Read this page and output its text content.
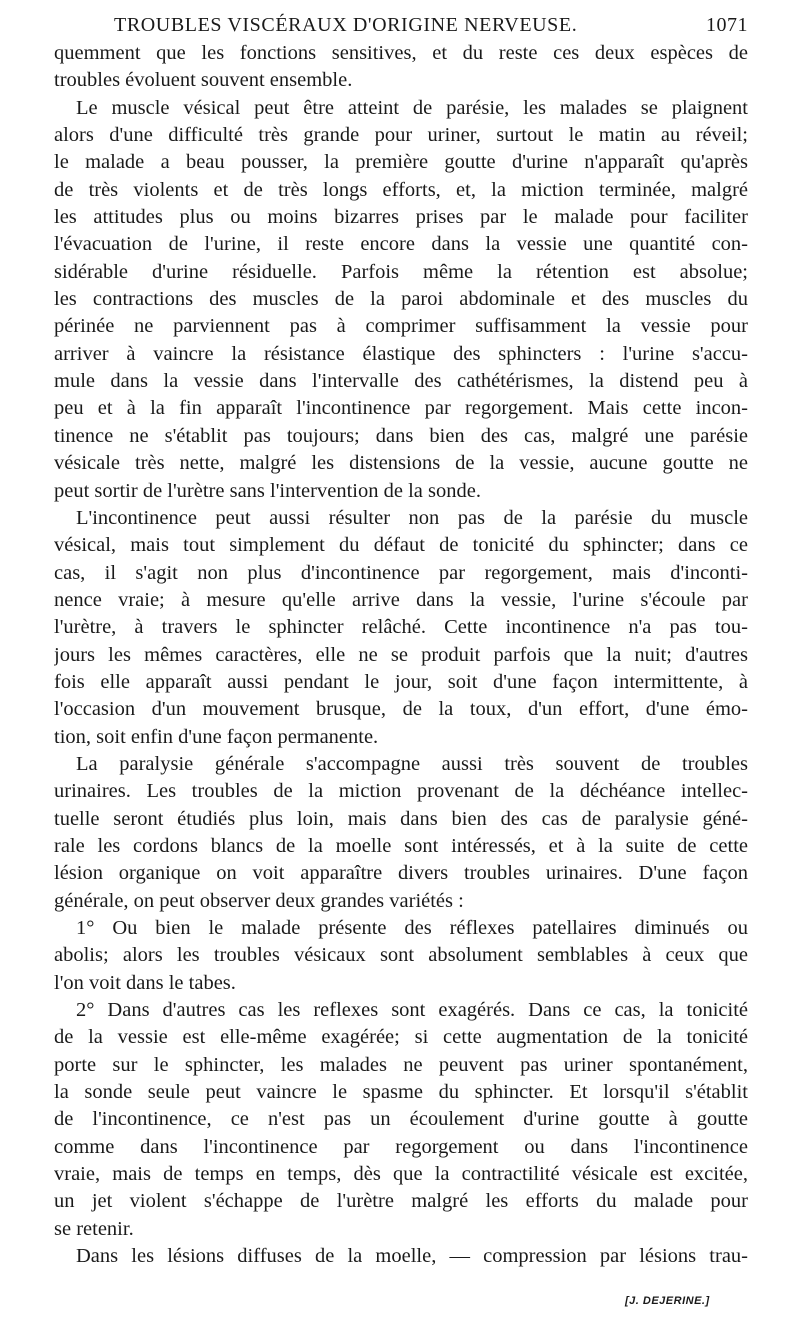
TROUBLES VISCÉRAUX D'ORIGINE NERVEUSE.	1071
quemment que les fonctions sensitives, et du reste ces deux espèces de
troubles évoluent souvent ensemble.
Le muscle vésical peut être atteint de parésie, les malades se plaignent
alors d'une difficulté très grande pour uriner, surtout le matin au réveil;
le malade a beau pousser, la première goutte d'urine n'apparaît qu'après
de très violents et de très longs efforts, et, la miction terminée, malgré
les attitudes plus ou moins bizarres prises par le malade pour faciliter
l'évacuation de l'urine, il reste encore dans la vessie une quantité con-
sidérable d'urine résiduelle. Parfois même la rétention est absolue;
les contractions des muscles de la paroi abdominale et des muscles du
périnée ne parviennent pas à comprimer suffisamment la vessie pour
arriver à vaincre la résistance élastique des sphincters : l'urine s'accu-
mule dans la vessie dans l'intervalle des cathétérismes, la distend peu à
peu et à la fin apparaît l'incontinence par regorgement. Mais cette incon-
tinence ne s'établit pas toujours; dans bien des cas, malgré une parésie
vésicale très nette, malgré les distensions de la vessie, aucune goutte ne
peut sortir de l'urètre sans l'intervention de la sonde.
L'incontinence peut aussi résulter non pas de la parésie du muscle
vésical, mais tout simplement du défaut de tonicité du sphincter; dans ce
cas, il s'agit non plus d'incontinence par regorgement, mais d'inconti-
nence vraie; à mesure qu'elle arrive dans la vessie, l'urine s'écoule par
l'urètre, à travers le sphincter relâché. Cette incontinence n'a pas tou-
jours les mêmes caractères, elle ne se produit parfois que la nuit; d'autres
fois elle apparaît aussi pendant le jour, soit d'une façon intermittente, à
l'occasion d'un mouvement brusque, de la toux, d'un effort, d'une émo-
tion, soit enfin d'une façon permanente.
La paralysie générale s'accompagne aussi très souvent de troubles
urinaires. Les troubles de la miction provenant de la déchéance intellec-
tuelle seront étudiés plus loin, mais dans bien des cas de paralysie géné-
rale les cordons blancs de la moelle sont intéressés, et à la suite de cette
lésion organique on voit apparaître divers troubles urinaires. D'une façon
générale, on peut observer deux grandes variétés :
1° Ou bien le malade présente des réflexes patellaires diminués ou
abolis; alors les troubles vésicaux sont absolument semblables à ceux que
l'on voit dans le tabes.
2° Dans d'autres cas les reflexes sont exagérés. Dans ce cas, la tonicité
de la vessie est elle-même exagérée; si cette augmentation de la tonicité
porte sur le sphincter, les malades ne peuvent pas uriner spontanément,
la sonde seule peut vaincre le spasme du sphincter. Et lorsqu'il s'établit
de l'incontinence, ce n'est pas un écoulement d'urine goutte à goutte
comme dans l'incontinence par regorgement ou dans l'incontinence
vraie, mais de temps en temps, dès que la contractilité vésicale est excitée,
un jet violent s'échappe de l'urètre malgré les efforts du malade pour
se retenir.
Dans les lésions diffuses de la moelle, — compression par lésions trau-
[J. DEJERINE.]
